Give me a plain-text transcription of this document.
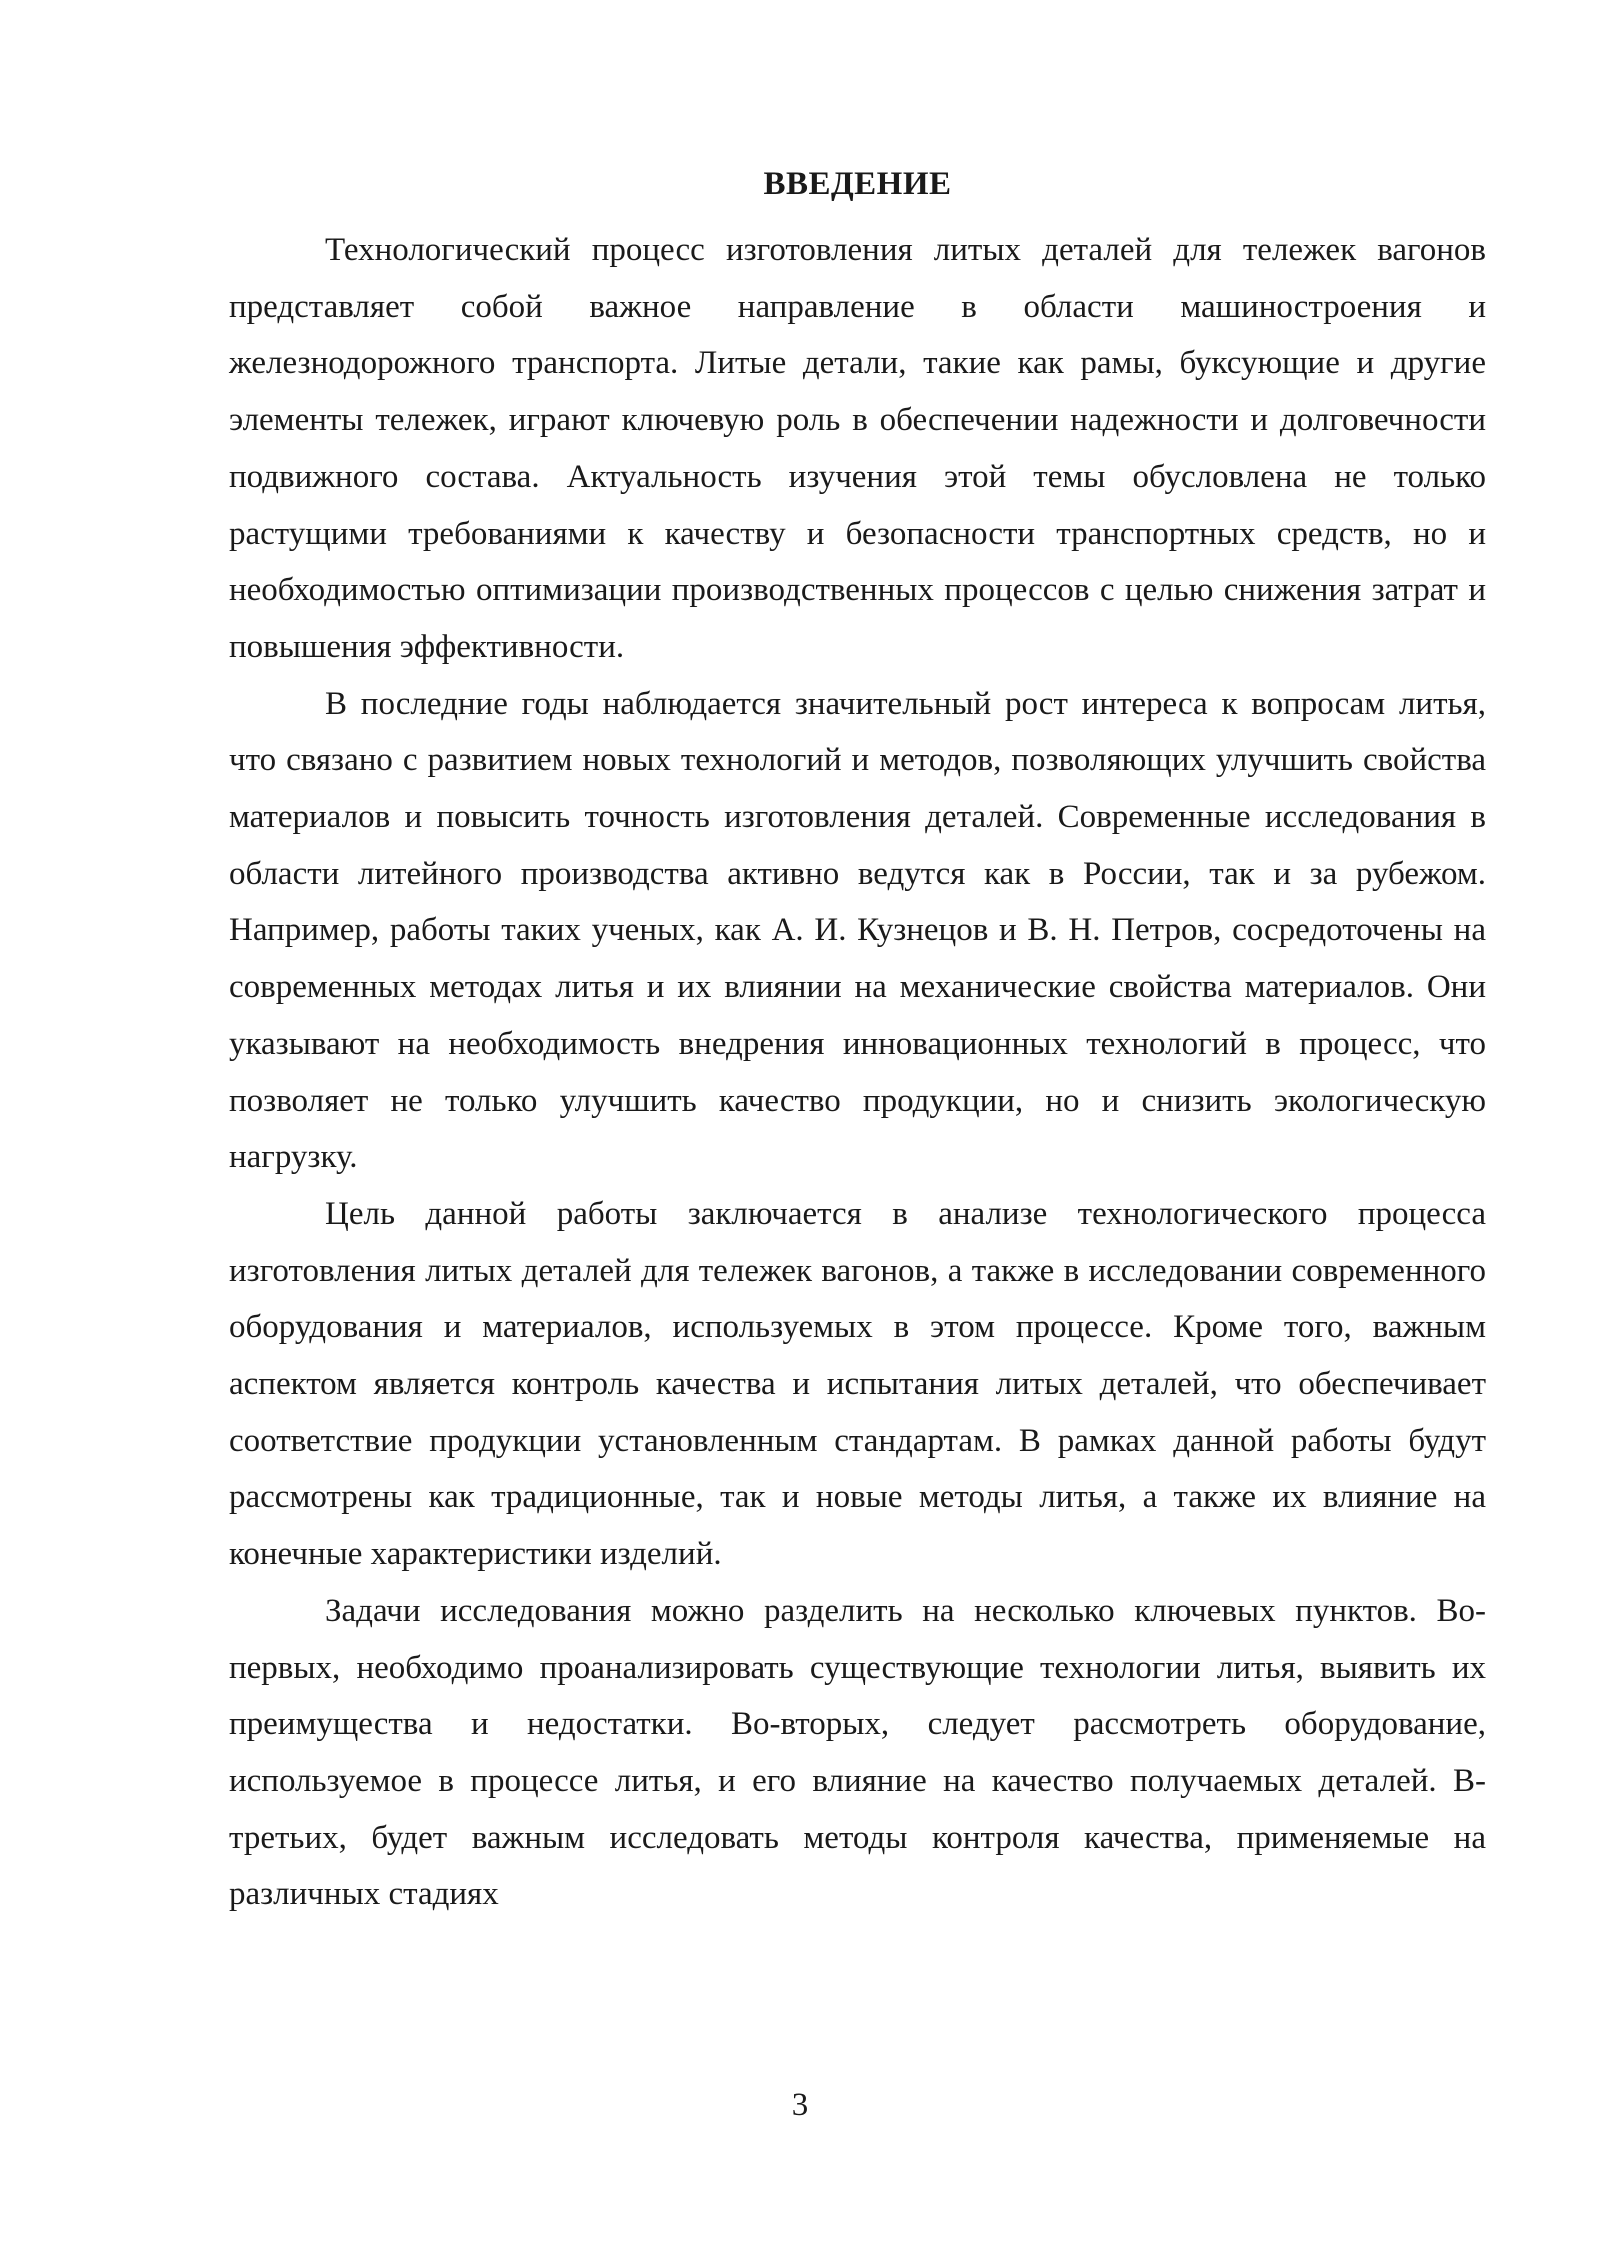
ВВЕДЕНИЕ

Технологический процесс изготовления литых деталей для тележек вагонов представляет собой важное направление в области машиностроения и железнодорожного транспорта. Литые детали, такие как рамы, буксующие и другие элементы тележек, играют ключевую роль в обеспечении надежности и долговечности подвижного состава. Актуальность изучения этой темы обусловлена не только растущими требованиями к качеству и безопасности транспортных средств, но и необходимостью оптимизации производственных процессов с целью снижения затрат и повышения эффективности.

В последние годы наблюдается значительный рост интереса к вопросам литья, что связано с развитием новых технологий и методов, позволяющих улучшить свойства материалов и повысить точность изготовления деталей. Современные исследования в области литейного производства активно ведутся как в России, так и за рубежом. Например, работы таких ученых, как А. И. Кузнецов и В. Н. Петров, сосредоточены на современных методах литья и их влиянии на механические свойства материалов. Они указывают на необходимость внедрения инновационных технологий в процесс, что позволяет не только улучшить качество продукции, но и снизить экологическую нагрузку.

Цель данной работы заключается в анализе технологического процесса изготовления литых деталей для тележек вагонов, а также в исследовании современного оборудования и материалов, используемых в этом процессе. Кроме того, важным аспектом является контроль качества и испытания литых деталей, что обеспечивает соответствие продукции установленным стандартам. В рамках данной работы будут рассмотрены как традиционные, так и новые методы литья, а также их влияние на конечные характеристики изделий.

Задачи исследования можно разделить на несколько ключевых пунктов. Во-первых, необходимо проанализировать существующие технологии литья, выявить их преимущества и недостатки. Во-вторых, следует рассмотреть оборудование, используемое в процессе литья, и его влияние на качество получаемых деталей. В-третьих, будет важным исследовать методы контроля качества, применяемые на различных стадиях

3
